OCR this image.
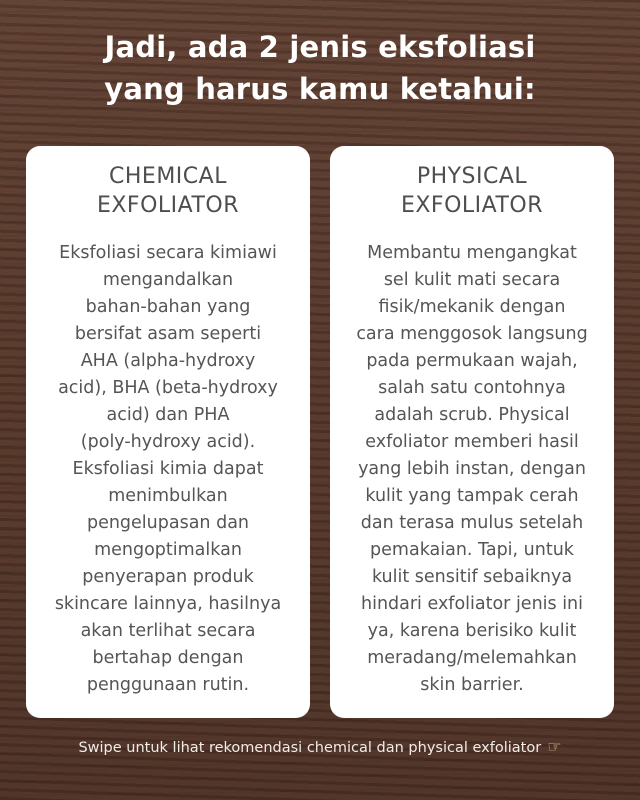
Jadi, ada 2 jenis eksfoliasi
yang harus kamu ketahui:
CHEMICAL
EXFOLIATOR
Eksfoliasi secara kimiawi
mengandalkan
bahan-bahan yang
bersifat asam seperti
AHA (alpha-hydroxy
acid), BHA (beta-hydroxy
acid) dan PHA
(poly-hydroxy acid).
Eksfoliasi kimia dapat
menimbulkan
pengelupasan dan
mengoptimalkan
penyerapan produk
skincare lainnya, hasilnya
akan terlihat secara
bertahap dengan
penggunaan rutin.
PHYSICAL
EXFOLIATOR
Membantu mengangkat
sel kulit mati secara
fisik/mekanik dengan
cara menggosok langsung
pada permukaan wajah,
salah satu contohnya
adalah scrub. Physical
exfoliator memberi hasil
yang lebih instan, dengan
kulit yang tampak cerah
dan terasa mulus setelah
pemakaian. Tapi, untuk
kulit sensitif sebaiknya
hindari exfoliator jenis ini
ya, karena berisiko kulit
meradang/melemahkan
skin barrier.
Swipe untuk lihat rekomendasi chemical dan physical exfoliator ☞
